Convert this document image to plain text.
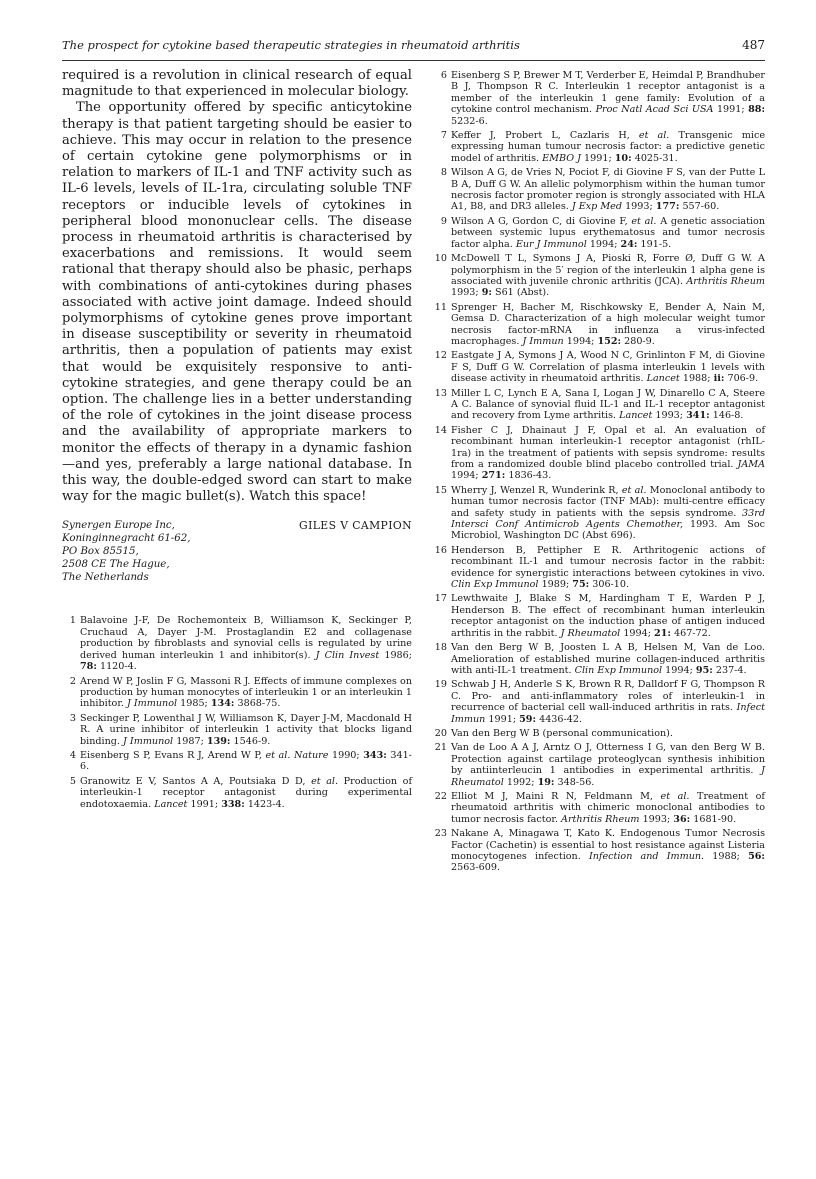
The prospect for cytokine based therapeutic strategies in rheumatoid arthritis	487

required is a revolution in clinical research of equal magnitude to that experienced in molecular biology.

The opportunity offered by specific anticytokine therapy is that patient targeting should be easier to achieve. This may occur in relation to the presence of certain cytokine gene polymorphisms or in relation to markers of IL-1 and TNF activity such as IL-6 levels, levels of IL-1ra, circulating soluble TNF receptors or inducible levels of cytokines in peripheral blood mononuclear cells. The disease process in rheumatoid arthritis is characterised by exacerbations and remissions. It would seem rational that therapy should also be phasic, perhaps with combinations of anti-cytokines during phases associated with active joint damage. Indeed should polymorphisms of cytokine genes prove important in disease susceptibility or severity in rheumatoid arthritis, then a population of patients may exist that would be exquisitely responsive to anti-cytokine strategies, and gene therapy could be an option. The challenge lies in a better understanding of the role of cytokines in the joint disease process and the availability of appropriate markers to monitor the effects of therapy in a dynamic fashion—and yes, preferably a large national database. In this way, the double-edged sword can start to make way for the magic bullet(s). Watch this space!

Synergen Europe Inc,
Koninginnegracht 61-62,
PO Box 85515,
2508 CE The Hague,
The Netherlands
GILES V CAMPION
1 Balavoine J-F, De Rochemonteix B, Williamson K, Seckinger P, Cruchaud A, Dayer J-M. Prostaglandin E2 and collagenase production by fibroblasts and synovial cells is regulated by urine derived human interleukin 1 and inhibitor(s). J Clin Invest 1986; 78: 1120-4.
2 Arend W P, Joslin F G, Massoni R J. Effects of immune complexes on production by human monocytes of interleukin 1 or an interleukin 1 inhibitor. J Immunol 1985; 134: 3868-75.
3 Seckinger P, Lowenthal J W, Williamson K, Dayer J-M, Macdonald H R. A urine inhibitor of interleukin 1 activity that blocks ligand binding. J Immunol 1987; 139: 1546-9.
4 Eisenberg S P, Evans R J, Arend W P, et al. Nature 1990; 343: 341-6.
5 Granowitz E V, Santos A A, Poutsiaka D D, et al. Production of interleukin-1 receptor antagonist during experimental endotoxaemia. Lancet 1991; 338: 1423-4.
6 Eisenberg S P, Brewer M T, Verderber E, Heimdal P, Brandhuber B J, Thompson R C. Interleukin 1 receptor antagonist is a member of the interleukin 1 gene family: Evolution of a cytokine control mechanism. Proc Natl Acad Sci USA 1991; 88: 5232-6.
7 Keffer J, Probert L, Cazlaris H, et al. Transgenic mice expressing human tumour necrosis factor: a predictive genetic model of arthritis. EMBO J 1991; 10: 4025-31.
8 Wilson A G, de Vries N, Pociot F, di Giovine F S, van der Putte L B A, Duff G W. An allelic polymorphism within the human tumor necrosis factor promoter region is strongly associated with HLA A1, B8, and DR3 alleles. J Exp Med 1993; 177: 557-60.
9 Wilson A G, Gordon C, di Giovine F, et al. A genetic association between systemic lupus erythematosus and tumor necrosis factor alpha. Eur J Immunol 1994; 24: 191-5.
10 McDowell T L, Symons J A, Pioski R, Forre Ø, Duff G W. A polymorphism in the 5′ region of the interleukin 1 alpha gene is associated with juvenile chronic arthritis (JCA). Arthritis Rheum 1993; 9: S61 (Abst).
11 Sprenger H, Bacher M, Rischkowsky E, Bender A, Nain M, Gemsa D. Characterization of a high molecular weight tumor necrosis factor-mRNA in influenza a virus-infected macrophages. J Immun 1994; 152: 280-9.
12 Eastgate J A, Symons J A, Wood N C, Grinlinton F M, di Giovine F S, Duff G W. Correlation of plasma interleukin 1 levels with disease activity in rheumatoid arthritis. Lancet 1988; ii: 706-9.
13 Miller L C, Lynch E A, Sana I, Logan J W, Dinarello C A, Steere A C. Balance of synovial fluid IL-1 and IL-1 receptor antagonist and recovery from Lyme arthritis. Lancet 1993; 341: 146-8.
14 Fisher C J, Dhainaut J F, Opal et al. An evaluation of recombinant human interleukin-1 receptor antagonist (rhIL-1ra) in the treatment of patients with sepsis syndrome: results from a randomized double blind placebo controlled trial. JAMA 1994; 271: 1836-43.
15 Wherry J, Wenzel R, Wunderink R, et al. Monoclonal antibody to human tumor necrosis factor (TNF MAb): multi-centre efficacy and safety study in patients with the sepsis syndrome. 33rd Intersci Conf Antimicrob Agents Chemother, 1993. Am Soc Microbiol, Washington DC (Abst 696).
16 Henderson B, Pettipher E R. Arthritogenic actions of recombinant IL-1 and tumour necrosis factor in the rabbit: evidence for synergistic interactions between cytokines in vivo. Clin Exp Immunol 1989; 75: 306-10.
17 Lewthwaite J, Blake S M, Hardingham T E, Warden P J, Henderson B. The effect of recombinant human interleukin receptor antagonist on the induction phase of antigen induced arthritis in the rabbit. J Rheumatol 1994; 21: 467-72.
18 Van den Berg W B, Joosten L A B, Helsen M, Van de Loo. Amelioration of established murine collagen-induced arthritis with anti-IL-1 treatment. Clin Exp Immunol 1994; 95: 237-4.
19 Schwab J H, Anderle S K, Brown R R, Dalldorf F G, Thompson R C. Pro- and anti-inflammatory roles of interleukin-1 in recurrence of bacterial cell wall-induced arthritis in rats. Infect Immun 1991; 59: 4436-42.
20 Van den Berg W B (personal communication).
21 Van de Loo A A J, Arntz O J, Otterness I G, van den Berg W B. Protection against cartilage proteoglycan synthesis inhibition by antiinterleucin 1 antibodies in experimental arthritis. J Rheumatol 1992; 19: 348-56.
22 Elliot M J, Maini R N, Feldmann M, et al. Treatment of rheumatoid arthritis with chimeric monoclonal antibodies to tumor necrosis factor. Arthritis Rheum 1993; 36: 1681-90.
23 Nakane A, Minagawa T, Kato K. Endogenous Tumor Necrosis Factor (Cachetin) is essential to host resistance against Listeria monocytogenes infection. Infection and Immun. 1988; 56: 2563-609.
